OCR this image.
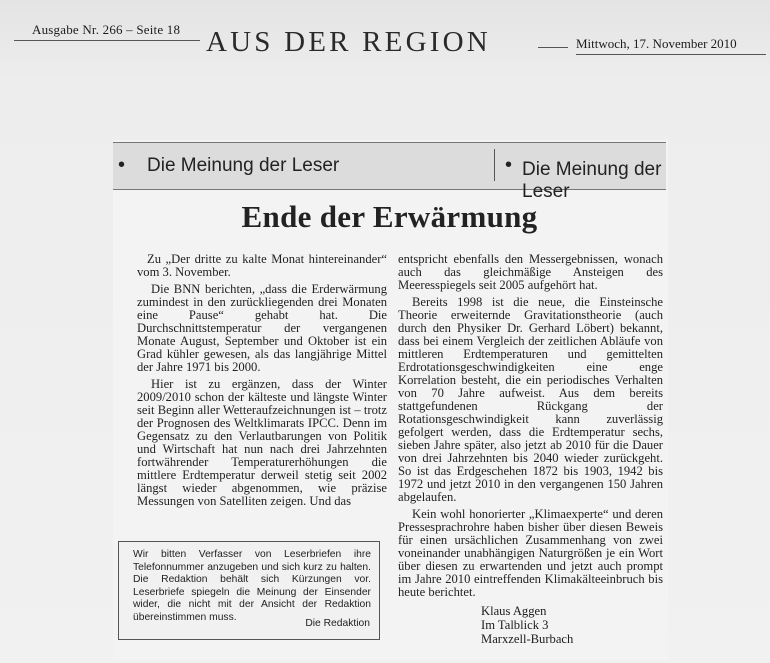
Ausgabe Nr. 266 – Seite 18 AUS DER REGION	Mittwoch, 17. November 2010
• Die Meinung der Leser	• Die Meinung der Leser
Ende der Erwärmung

Zu „Der dritte zu kalte Monat hintereinander“ vom 3. November.

Die BNN berichten, „dass die Erderwärmung zumindest in den zurückliegenden drei Monaten eine Pause“ gehabt hat. Die Durchschnittstemperatur der vergangenen Monate August, September und Oktober ist ein Grad kühler gewesen, als das langjährige Mittel der Jahre 1971 bis 2000.

Hier ist zu ergänzen, dass der Winter 2009/2010 schon der kälteste und längste Winter seit Beginn aller Wetteraufzeichnungen ist – trotz der Prognosen des Weltklimarats IPCC. Denn im Gegensatz zu den Verlautbarungen von Politik und Wirtschaft hat nun nach drei Jahrzehnten fortwährender Temperaturerhöhungen die mittlere Erdtemperatur derweil stetig seit 2002 längst wieder abgenommen, wie präzise Messungen von Satelliten zeigen. Und das

entspricht ebenfalls den Messergebnissen, wonach auch das gleichmäßige Ansteigen des Meeresspiegels seit 2005 aufgehört hat.

Bereits 1998 ist die neue, die Einsteinsche Theorie erweiternde Gravitationstheorie (auch durch den Physiker Dr. Gerhard Löbert) bekannt, dass bei einem Vergleich der zeitlichen Abläufe von mittleren Erdtemperaturen und gemittelten Erdrotationsgeschwindigkeiten eine enge Korrelation besteht, die ein periodisches Verhalten von 70 Jahre aufweist. Aus dem bereits stattgefundenen Rückgang der Rotationsgeschwindigkeit kann zuverlässig gefolgert werden, dass die Erdtemperatur sechs, sieben Jahre später, also jetzt ab 2010 für die Dauer von drei Jahrzehnten bis 2040 wieder zurückgeht. So ist das Erdgeschehen 1872 bis 1903, 1942 bis 1972 und jetzt 2010 in den vergangenen 150 Jahren abgelaufen.

Kein wohl honorierter „Klimaexperte“ und deren Pressesprachrohre haben bisher über diesen Beweis für einen ursächlichen Zusammenhang von zwei voneinander unabhängigen Naturgrößen je ein Wort über diesen zu erwartenden und jetzt auch prompt im Jahre 2010 eintreffenden Klimakälteeinbruch bis heute berichtet.

Klaus Aggen
Im Talblick 3
Marxzell-Burbach
Wir bitten Verfasser von Leserbriefen ihre Telefonnummer anzugeben und sich kurz zu halten. Die Redaktion behält sich Kürzungen vor. Leserbriefe spiegeln die Meinung der Einsender wider, die nicht mit der Ansicht der Redaktion übereinstimmen muss.
Die Redaktion
